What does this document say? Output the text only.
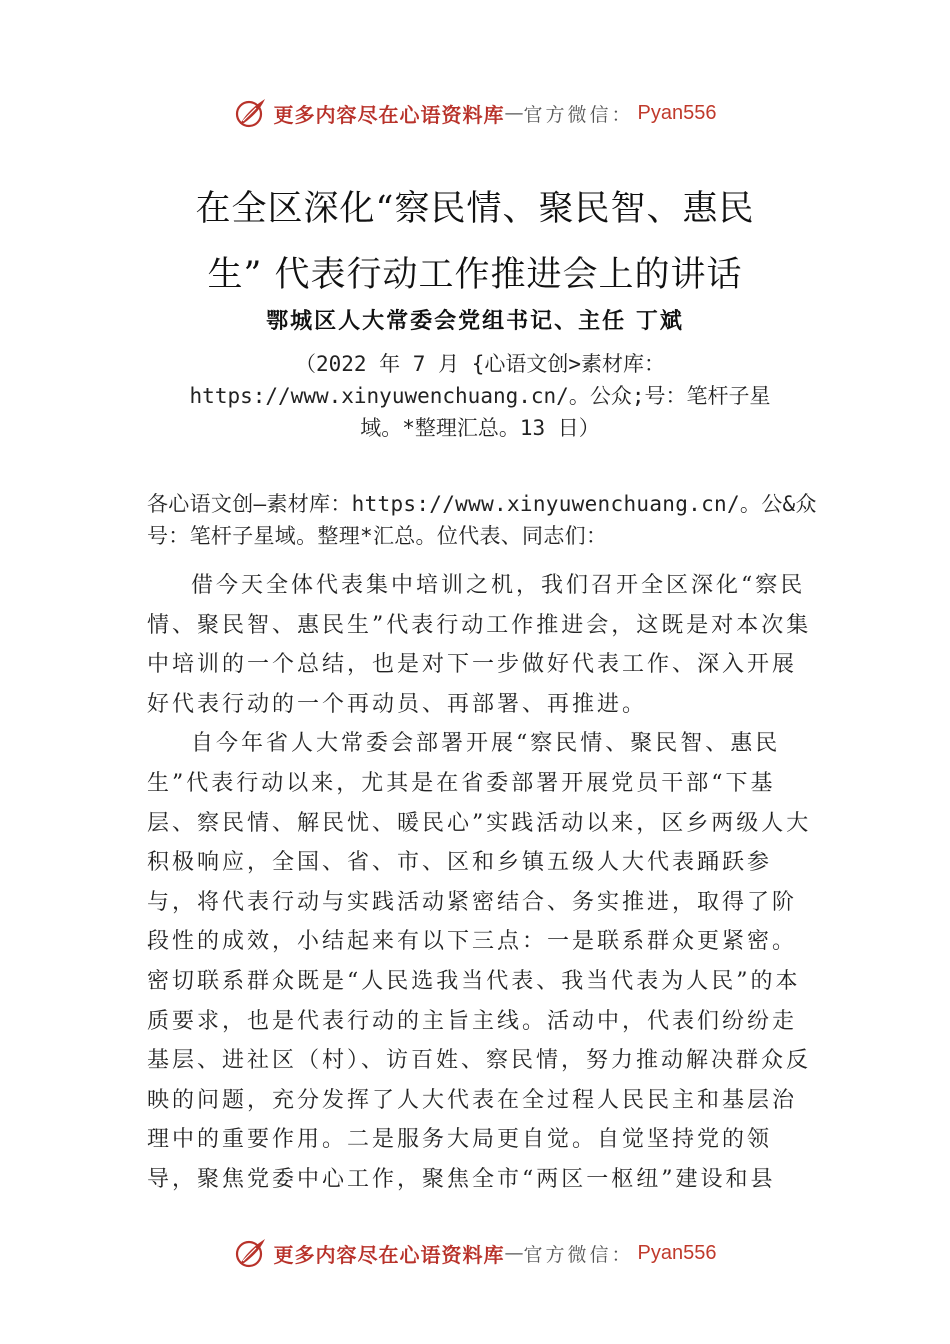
更多内容尽在心语资料库 — 官方微信： Pyan556
在全区深化“察民情、聚民智、惠民
生” 代表行动工作推进会上的讲话
鄂城区人大常委会党组书记、主任 丁斌
（2022 年 7 月 {心语文创>素材库：
https://www.xinyuwenchuang.cn/。公众;号：笔杆子星
域。*整理汇总。13 日）

各心语文创—素材库：https://www.xinyuwenchuang.cn/。公&众号：笔杆子星域。整理*汇总。位代表、同志们：

借今天全体代表集中培训之机，我们召开全区深化“察民情、聚民智、惠民生”代表行动工作推进会，这既是对本次集中培训的一个总结，也是对下一步做好代表工作、深入开展好代表行动的一个再动员、再部署、再推进。

自今年省人大常委会部署开展“察民情、聚民智、惠民生”代表行动以来，尤其是在省委部署开展党员干部“下基层、察民情、解民忧、暖民心”实践活动以来，区乡两级人大积极响应，全国、省、市、区和乡镇五级人大代表踊跃参与，将代表行动与实践活动紧密结合、务实推进，取得了阶段性的成效，小结起来有以下三点：一是联系群众更紧密。 密切联系群众既是“人民选我当代表、我当代表为人民”的本质要求，也是代表行动的主旨主线。活动中，代表们纷纷走基层、进社区（村）、访百姓、察民情，努力推动解决群众反映的问题，充分发挥了人大代表在全过程人民民主和基层治理中的重要作用。二是服务大局更自觉。自觉坚持党的领导，聚焦党委中心工作，聚焦全市“两区一枢纽”建设和县

更多内容尽在心语资料库 — 官方微信： Pyan556
